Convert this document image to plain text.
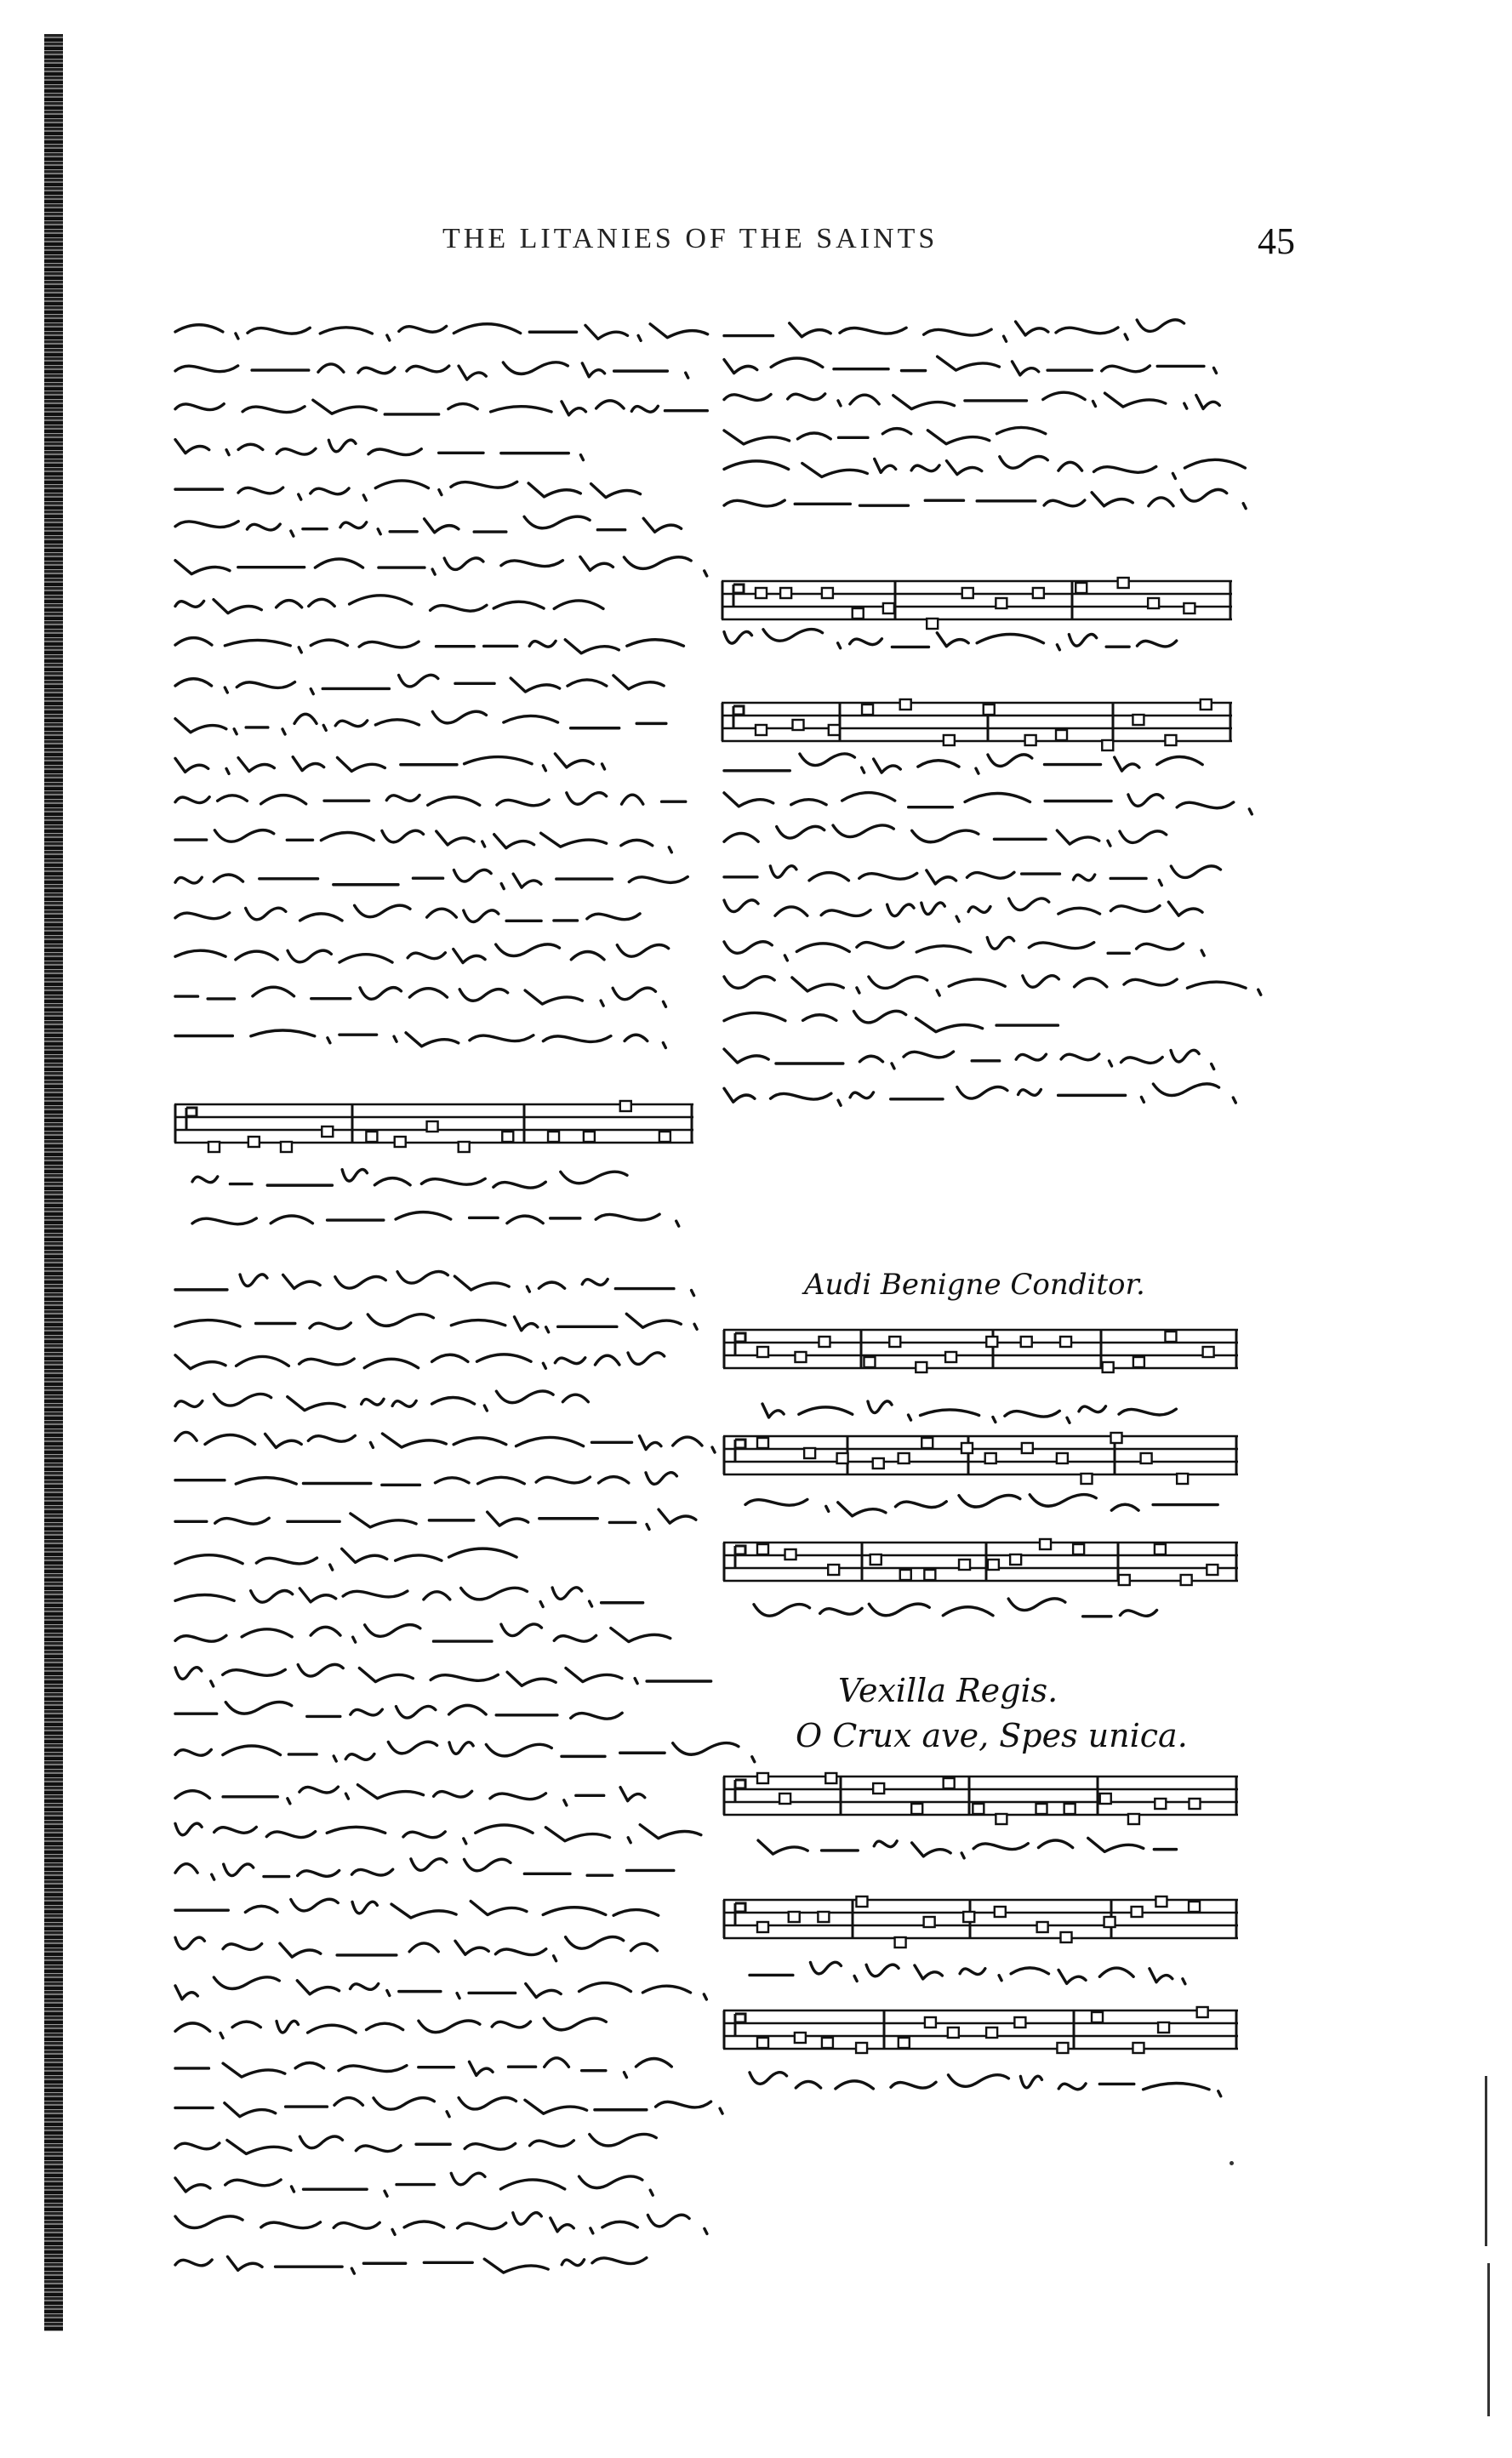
THE LITANIES OF THE SAINTS	45
Audi Benigne Conditor.
Vexilla Regis.
O Crux ave, Spes unica.
